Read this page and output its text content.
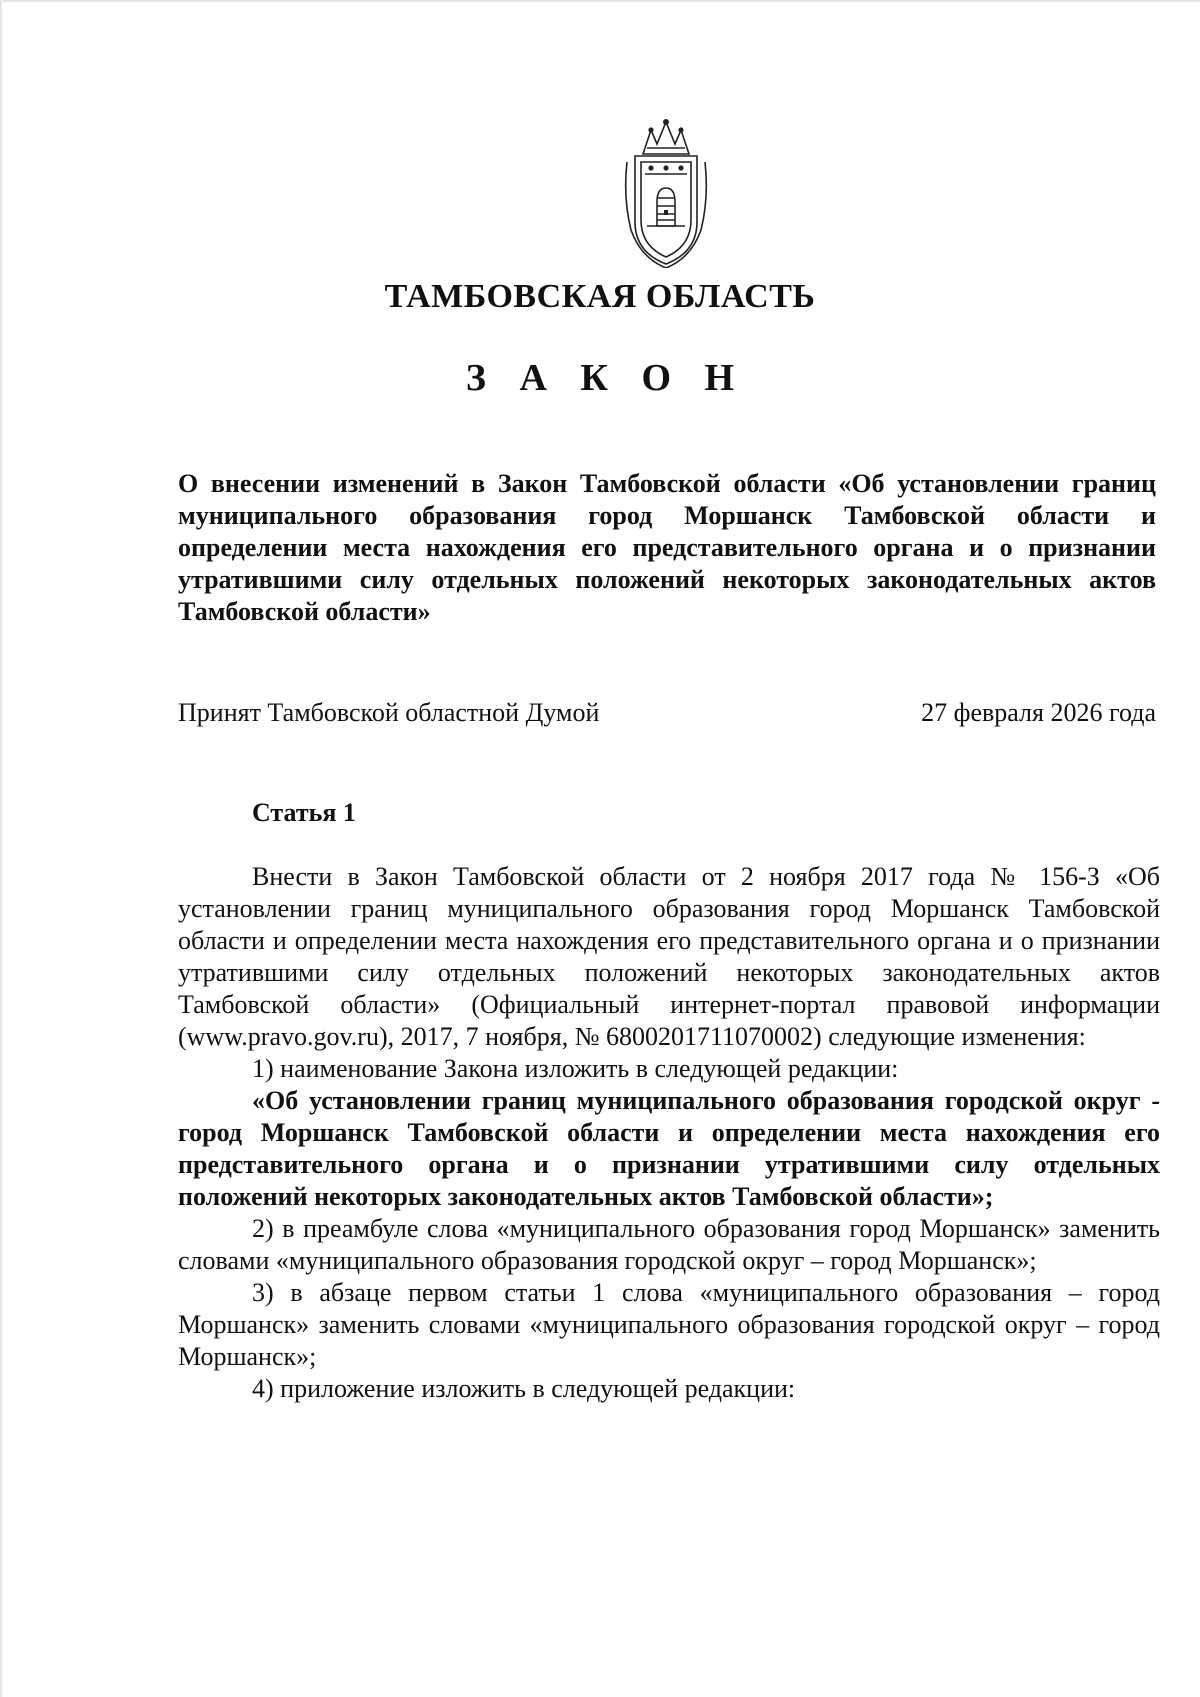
ТАМБОВСКАЯ ОБЛАСТЬ
З А К О Н
О внесении изменений в Закон Тамбовской области «Об установлении границ муниципального образования город Моршанск Тамбовской области и определении места нахождения его представительного органа и о признании утратившими силу отдельных положений некоторых законодательных актов Тамбовской области»
Принят Тамбовской областной Думой	27 февраля 2026 года
Статья 1

Внести в Закон Тамбовской области от 2 ноября 2017 года № 156-З «Об установлении границ муниципального образования город Моршанск Тамбовской области и определении места нахождения его представительного органа и о признании утратившими силу отдельных положений некоторых законодательных актов Тамбовской области» (Официальный интернет-портал правовой информации (www.pravo.gov.ru), 2017, 7 ноября, № 6800201711070002) следующие изменения:

1) наименование Закона изложить в следующей редакции:

«Об установлении границ муниципального образования городской округ - город Моршанск Тамбовской области и определении места нахождения его представительного органа и о признании утратившими силу отдельных положений некоторых законодательных актов Тамбовской области»;

2) в преамбуле слова «муниципального образования город Моршанск» заменить словами «муниципального образования городской округ – город Моршанск»;

3) в абзаце первом статьи 1 слова «муниципального образования – город Моршанск» заменить словами «муниципального образования городской округ – город Моршанск»;

4) приложение изложить в следующей редакции:
